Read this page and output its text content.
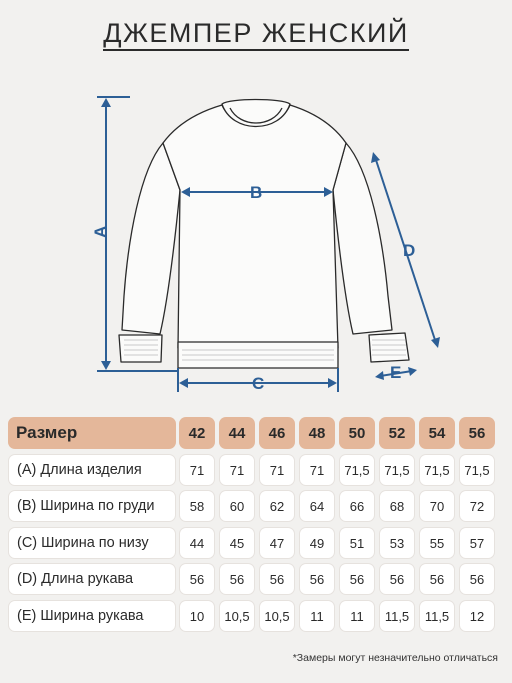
ДЖЕМПЕР ЖЕНСКИЙ
A
B
C
D
E
Размер	42	44	46	48	50	52	54	56
(A) Длина изделия	71	71	71	71	71,5	71,5	71,5	71,5
(B) Ширина по груди	58	60	62	64	66	68	70	72
(C) Ширина по низу	44	45	47	49	51	53	55	57
(D) Длина рукава	56	56	56	56	56	56	56	56
(E) Ширина рукава	10	10,5	10,5	11	11	11,5	11,5	12
*Замеры могут незначительно отличаться
